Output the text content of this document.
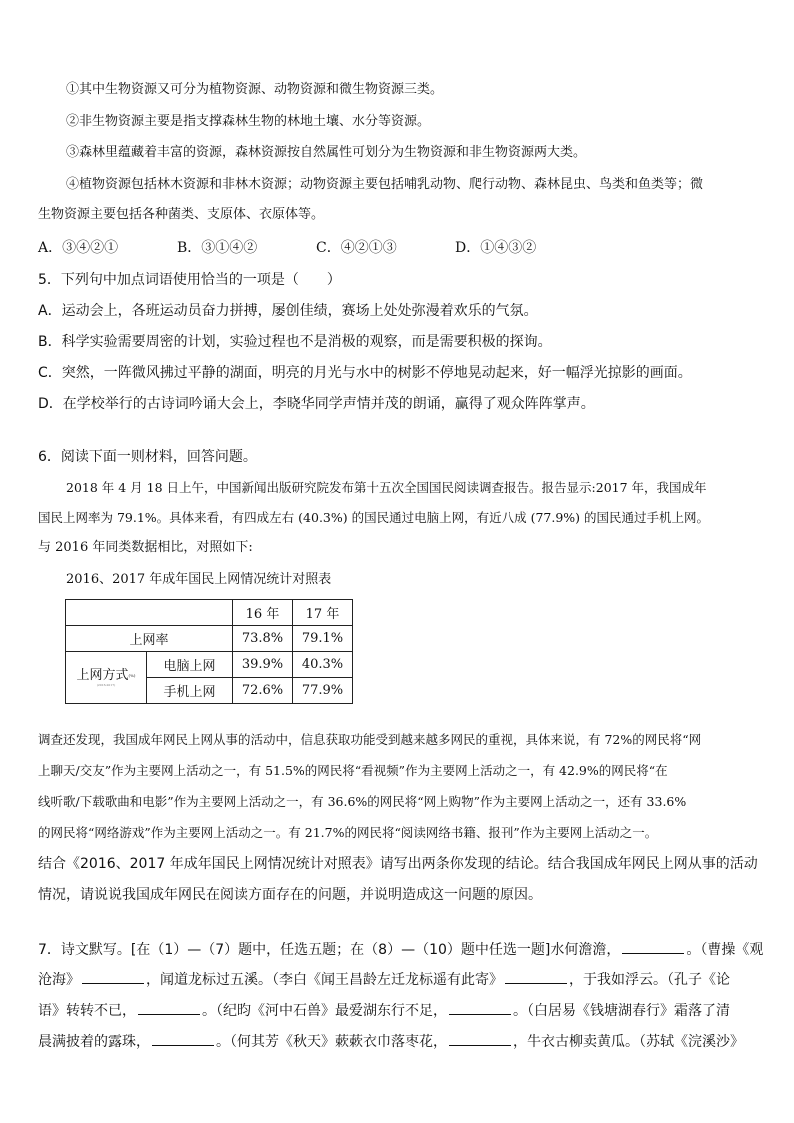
①其中生物资源又可分为植物资源、动物资源和微生物资源三类。

②非生物资源主要是指支撑森林生物的林地土壤、水分等资源。

③森林里蕴藏着丰富的资源，森林资源按自然属性可划分为生物资源和非生物资源两大类。

④植物资源包括林木资源和非林木资源；动物资源主要包括哺乳动物、爬行动物、森林昆虫、鸟类和鱼类等；微

生物资源主要包括各种菌类、支原体、衣原体等。

A．③④②①	B．③①④②	C．④②①③	D．①④③②

5．下列句中加点词语使用恰当的一项是（　　）

A．运动会上，各班运动员奋力拼搏，屡创佳绩，赛场上处处弥漫着欢乐的气氛。

B．科学实验需要周密的计划，实验过程也不是消极的观察，而是需要积极的探询。

C．突然，一阵微风拂过平静的湖面，明亮的月光与水中的树影不停地晃动起来，好一幅浮光掠影的画面。

D．在学校举行的古诗词吟诵大会上，李晓华同学声情并茂的朗诵，赢得了观众阵阵掌声。

6．阅读下面一则材料，回答问题。

2018 年 4 月 18 日上午，中国新闻出版研究院发布第十五次全国国民阅读调查报告。报告显示:2017 年，我国成年

国民上网率为 79.1%。具体来看，有四成左右 (40.3%) 的国民通过电脑上网，有近八成 (77.9%) 的国民通过手机上网。

与 2016 年同类数据相比，对照如下:

2016、2017 年成年国民上网情况统计对照表

		16 年	17 年
上网率		73.8%	79.1%

上网方式(%)
(2016-2017)	电脑上网	39.9%	40.3%
	手机上网	72.6%	77.9%

调查还发现，我国成年网民上网从事的活动中，信息获取功能受到越来越多网民的重视，具体来说，有 72%的网民将“网

上聊天/交友”作为主要网上活动之一，有 51.5%的网民将“看视频”作为主要网上活动之一，有 42.9%的网民将“在

线听歌/下载歌曲和电影”作为主要网上活动之一，有 36.6%的网民将“网上购物”作为主要网上活动之一，还有 33.6%

的网民将“网络游戏”作为主要网上活动之一。有 21.7%的网民将“阅读网络书籍、报刊”作为主要网上活动之一。

结合《2016、2017 年成年国民上网情况统计对照表》请写出两条你发现的结论。结合我国成年网民上网从事的活动

情况，请说说我国成年网民在阅读方面存在的问题，并说明造成这一问题的原因。

7．诗文默写。[在（1）—（7）题中，任选五题；在（8）—（10）题中任选一题]水何澹澹，	。（曹操《观

沧海》	，闻道龙标过五溪。（李白《闻王昌龄左迁龙标遥有此寄》	，于我如浮云。（孔子《论

语》转转不已，	。（纪昀《河中石兽》最爱湖东行不足，	。（白居易《钱塘湖春行》霜落了清

晨满披着的露珠，	。（何其芳《秋天》蔌蔌衣巾落枣花，	，牛衣古柳卖黄瓜。（苏轼《浣溪沙》
